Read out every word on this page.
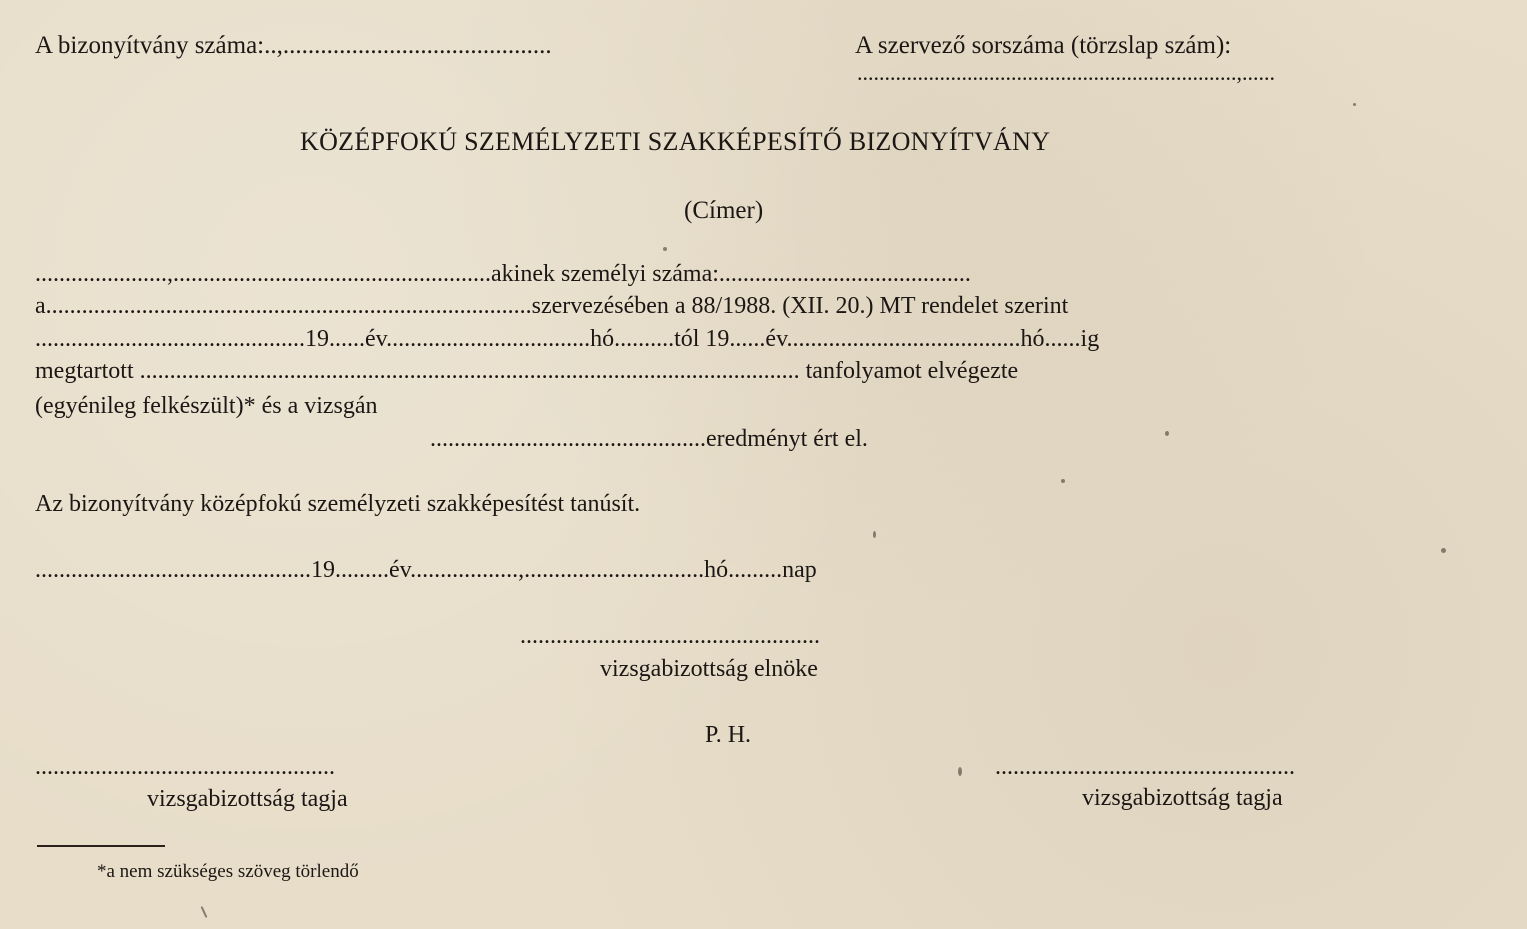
A bizonyítvány száma:..,...........................................	A szervező sorszáma (törzslap szám):
.....................................................................,......
KÖZÉPFOKÚ SZEMÉLYZETI SZAKKÉPESÍTŐ BIZONYÍTVÁNY
(Címer)
......................,.....................................................akinek személyi száma:..........................................
a.................................................................................szervezésében a 88/1988. (XII. 20.) MT rendelet szerint
.............................................19......év..................................hó..........tól 19......év.......................................hó......ig
megtartott .............................................................................................................. tanfolyamot elvégezte
(egyénileg felkészült)* és a vizsgán
..............................................eredményt ért el.
Az bizonyítvány középfokú személyzeti szakképesítést tanúsít.
..............................................19.........év..................,..............................hó.........nap
..................................................
vizsgabizottság elnöke
P. H.
..................................................
vizsgabizottság tagja
..................................................
vizsgabizottság tagja
*a nem szükséges szöveg törlendő
